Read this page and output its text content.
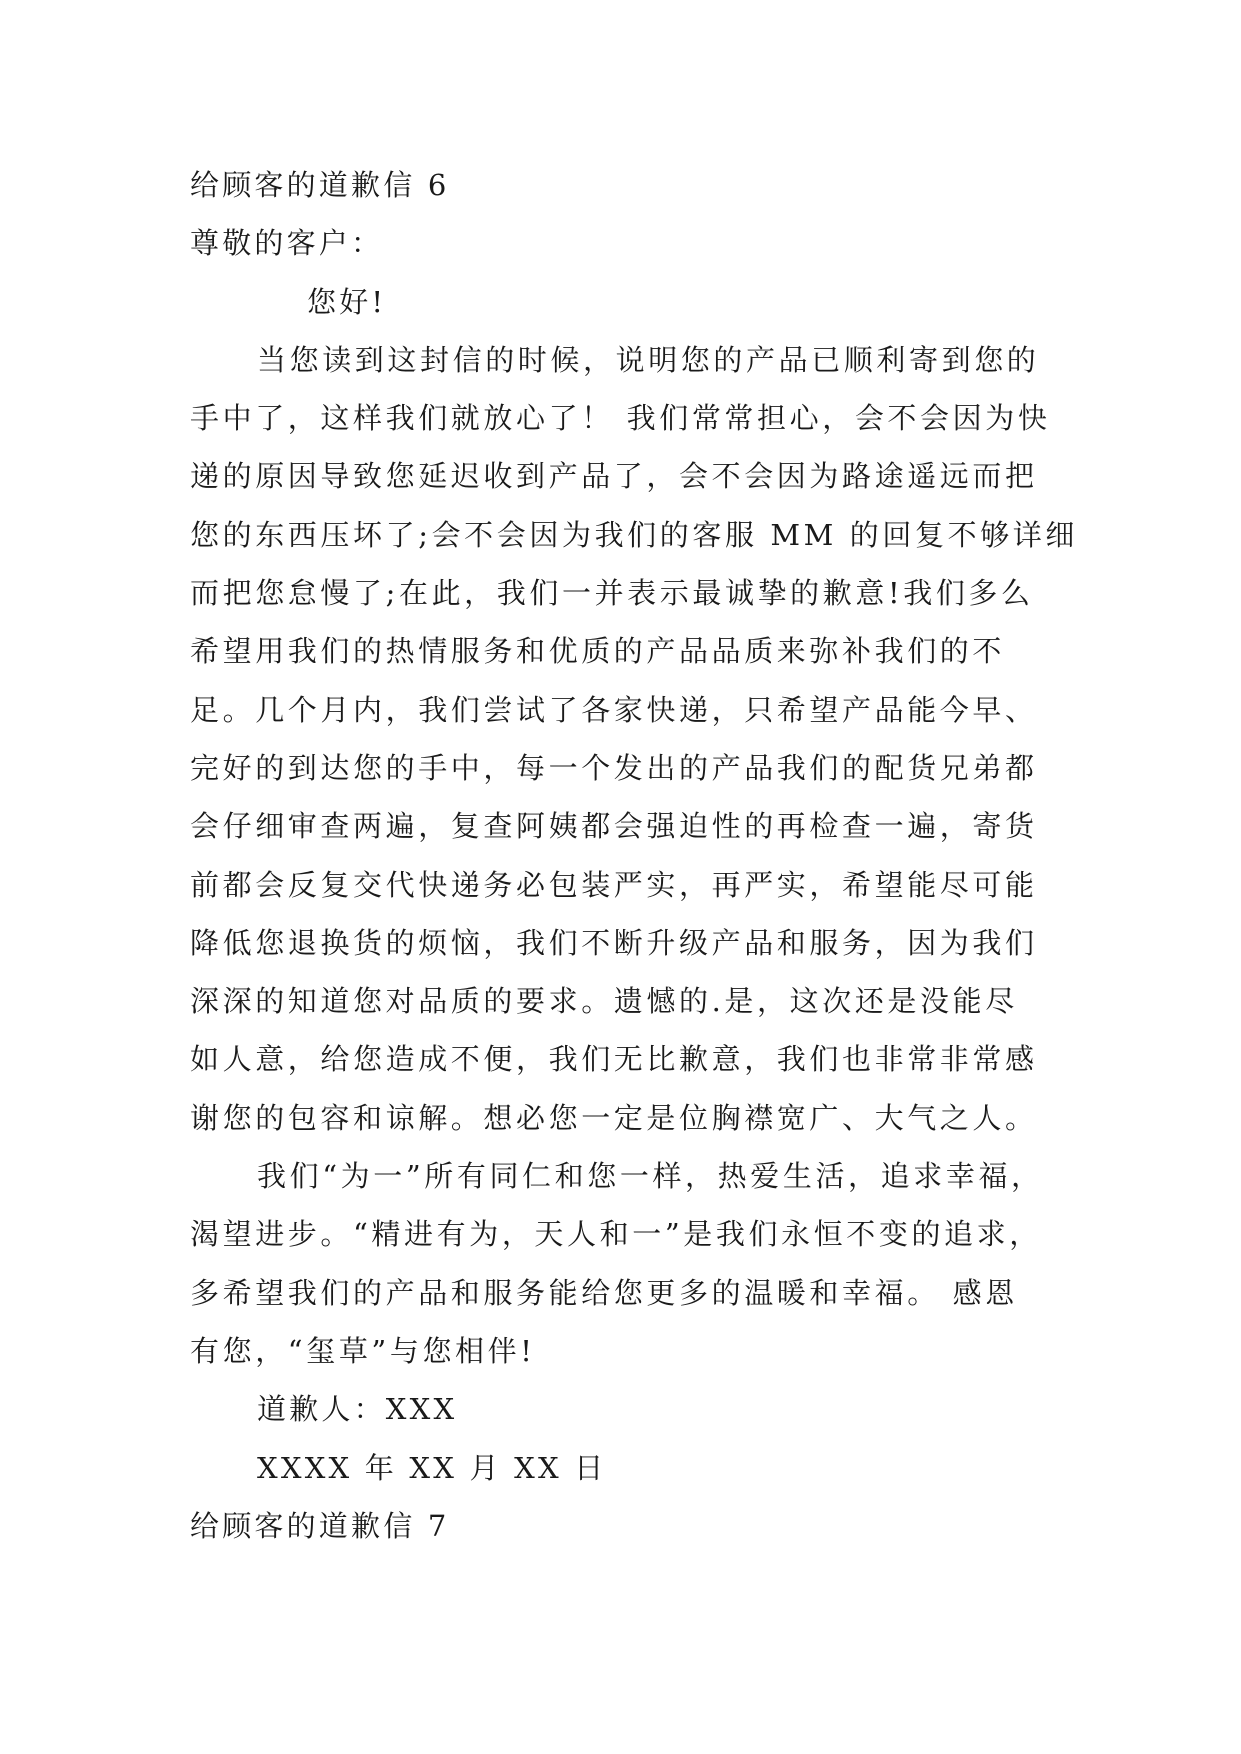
给顾客的道歉信 6
尊敬的客户：
您好!
当您读到这封信的时候，说明您的产品已顺利寄到您的
手中了，这样我们就放心了！ 我们常常担心，会不会因为快
递的原因导致您延迟收到产品了，会不会因为路途遥远而把
您的东西压坏了;会不会因为我们的客服 MM 的回复不够详细
而把您怠慢了;在此，我们一并表示最诚挚的歉意!我们多么
希望用我们的热情服务和优质的产品品质来弥补我们的不
足。几个月内，我们尝试了各家快递，只希望产品能今早、
完好的到达您的手中，每一个发出的产品我们的配货兄弟都
会仔细审查两遍，复查阿姨都会强迫性的再检查一遍，寄货
前都会反复交代快递务必包装严实，再严实，希望能尽可能
降低您退换货的烦恼，我们不断升级产品和服务，因为我们
深深的知道您对品质的要求。遗憾的.是，这次还是没能尽
如人意，给您造成不便，我们无比歉意，我们也非常非常感
谢您的包容和谅解。想必您一定是位胸襟宽广、大气之人。
我们“为一”所有同仁和您一样，热爱生活，追求幸福，
渴望进步。“精进有为，天人和一”是我们永恒不变的追求，
多希望我们的产品和服务能给您更多的温暖和幸福。 感恩
有您，“玺草”与您相伴!
道歉人：XXX
XXXX 年 XX 月 XX 日
给顾客的道歉信 7
